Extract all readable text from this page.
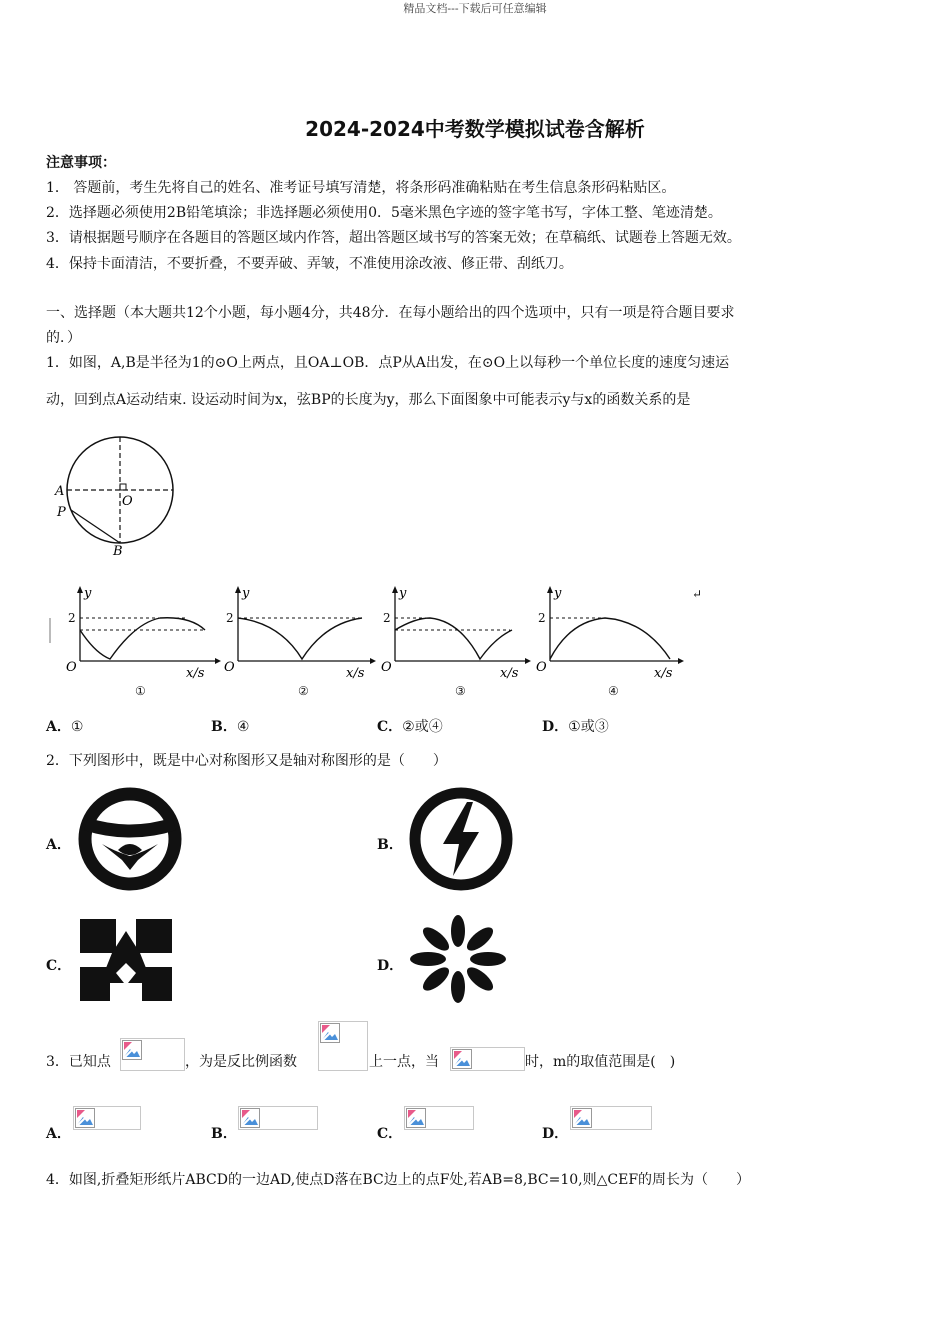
精品文档---下载后可任意编辑
2024-2024中考数学模拟试卷含解析
注意事项：
1． 答题前，考生先将自己的姓名、准考证号填写清楚，将条形码准确粘贴在考生信息条形码粘贴区。
2．选择题必须使用2B铅笔填涂；非选择题必须使用0．5毫米黑色字迹的签字笔书写，字体工整、笔迹清楚。
3．请根据题号顺序在各题目的答题区域内作答，超出答题区域书写的答案无效；在草稿纸、试题卷上答题无效。
4．保持卡面清洁，不要折叠，不要弄破、弄皱，不准使用涂改液、修正带、刮纸刀。
一、选择题（本大题共12个小题，每小题4分，共48分．在每小题给出的四个选项中，只有一项是符合题目要求
的．）
1．如图，A,B是半径为1的⊙O上两点，且OA⊥OB．点P从A出发，在⊙O上以每秒一个单位长度的速度匀速运
动，回到点A运动结束. 设运动时间为x，弦BP的长度为y，那么下面图象中可能表示y与x的函数关系的是
A
O
P
B
y
2
O	x/s
①
y
2
O	x/s
②
y
2
O	x/s
③
y
2
O	x/s
④
↵
A．①	B．④	C．②或④	D．①或③
2．下列图形中，既是中心对称图形又是轴对称图形的是（　　）
A．	B．
C．	D．
3．已知点	，为是反比例函数	上一点，当	时，m的取值范围是(　)
A．	B．	C．	D．
4．如图,折叠矩形纸片ABCD的一边AD,使点D落在BC边上的点F处,若AB=8,BC=10,则△CEF的周长为（　　）
